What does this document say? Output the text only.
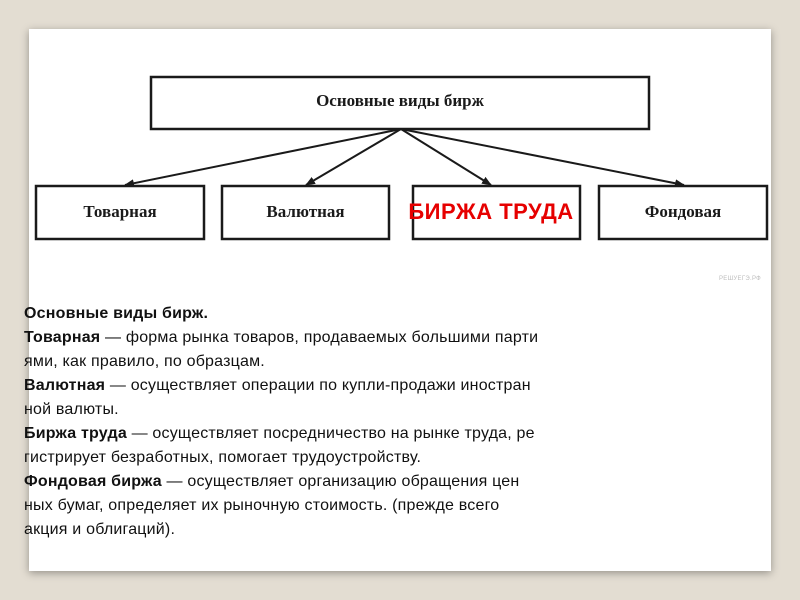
Основные виды бирж
Товарная	Валютная	Фондовая
БИРЖА ТРУДА
РЕШУЕГЭ.РФ

Основные виды бирж.

Товарная — форма рынка товаров, продаваемых большими парти

ями, как правило, по образцам.

Валютная — осуществляет операции по купли-продажи иностран

ной валюты.

Биржа труда — осуществляет посредничество на рынке труда, ре

гистрирует безработных, помогает трудоустройству.

Фондовая биржа — осуществляет организацию обращения цен

ных бумаг, определяет их рыночную стоимость. (прежде всего

акция и облигаций).
